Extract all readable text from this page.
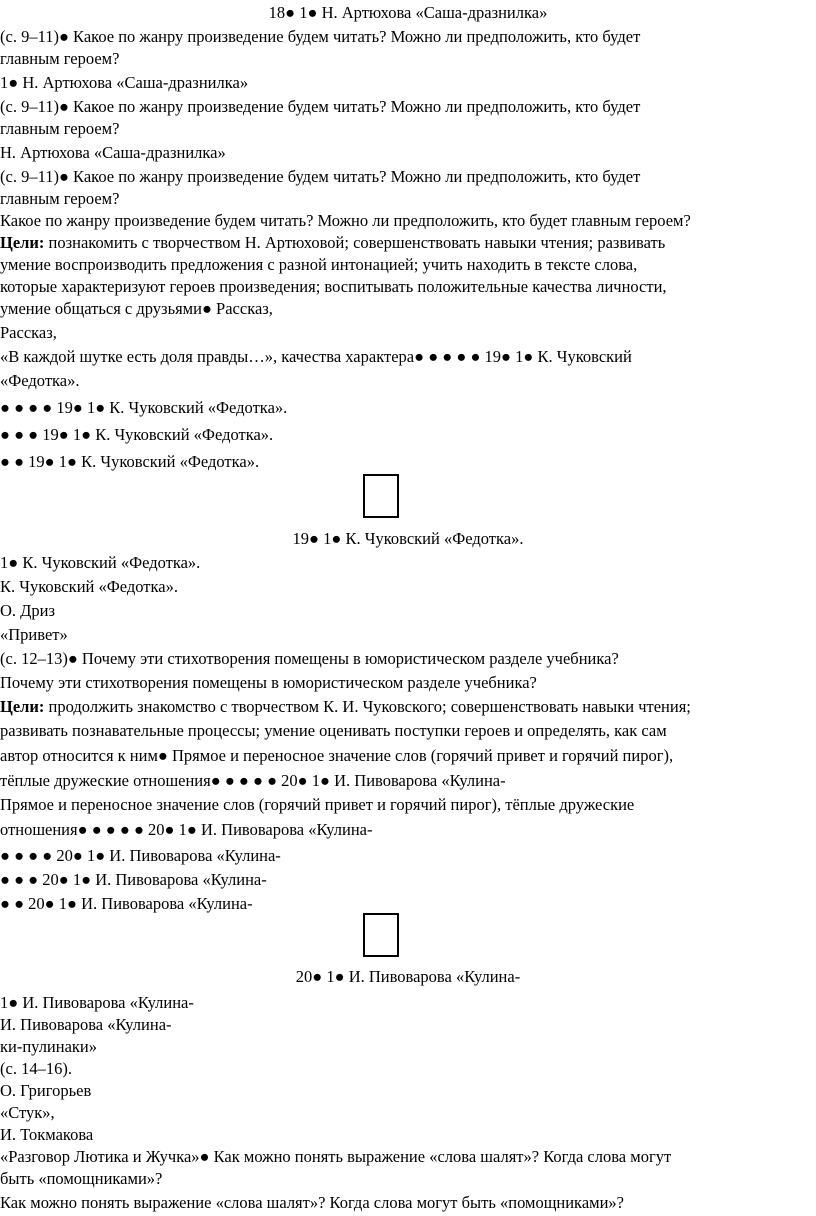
18● 1● Н. Артюхова «Саша-дразнилка»
(с. 9–11)● Какое по жанру произведение будем читать? Можно ли предположить, кто будет
главным героем?
1● Н. Артюхова «Саша-дразнилка»
(с. 9–11)● Какое по жанру произведение будем читать? Можно ли предположить, кто будет
главным героем?
Н. Артюхова «Саша-дразнилка»
(с. 9–11)● Какое по жанру произведение будем читать? Можно ли предположить, кто будет
главным героем?
Какое по жанру произведение будем читать? Можно ли предположить, кто будет главным героем?
Цели: познакомить с творчеством Н. Артюховой; совершенствовать навыки чтения; развивать
умение воспроизводить предложения с разной интонацией; учить находить в тексте слова,
которые характеризуют героев произведения; воспитывать положительные качества личности,
умение общаться с друзьями● Рассказ,
Рассказ,
«В каждой шутке есть доля правды…», качества характера● ● ● ● ● 19● 1● К. Чуковский
«Федотка».
● ● ● ● 19● 1● К. Чуковский «Федотка».
● ● ● 19● 1● К. Чуковский «Федотка».
● ● 19● 1● К. Чуковский «Федотка».
19● 1● К. Чуковский «Федотка».
1● К. Чуковский «Федотка».
К. Чуковский «Федотка».
О. Дриз
«Привет»
(с. 12–13)● Почему эти стихотворения помещены в юмористическом разделе учебника?
Почему эти стихотворения помещены в юмористическом разделе учебника?
Цели: продолжить знакомство с творчеством К. И. Чуковского; совершенствовать навыки чтения;
развивать познавательные процессы; умение оценивать поступки героев и определять, как сам
автор относится к ним● Прямое и переносное значение слов (горячий привет и горячий пирог),
тёплые дружеские отношения● ● ● ● ● 20● 1● И. Пивоварова «Кулина-
Прямое и переносное значение слов (горячий привет и горячий пирог), тёплые дружеские
отношения● ● ● ● ● 20● 1● И. Пивоварова «Кулина-
● ● ● ● 20● 1● И. Пивоварова «Кулина-
● ● ● 20● 1● И. Пивоварова «Кулина-
● ● 20● 1● И. Пивоварова «Кулина-
20● 1● И. Пивоварова «Кулина-
1● И. Пивоварова «Кулина-
И. Пивоварова «Кулина-
ки-пулинаки»
(с. 14–16).
О. Григорьев
«Стук»,
И. Токмакова
«Разговор Лютика и Жучка»● Как можно понять выражение «слова шалят»? Когда слова могут
быть «помощниками»?
Как можно понять выражение «слова шалят»? Когда слова могут быть «помощниками»?
